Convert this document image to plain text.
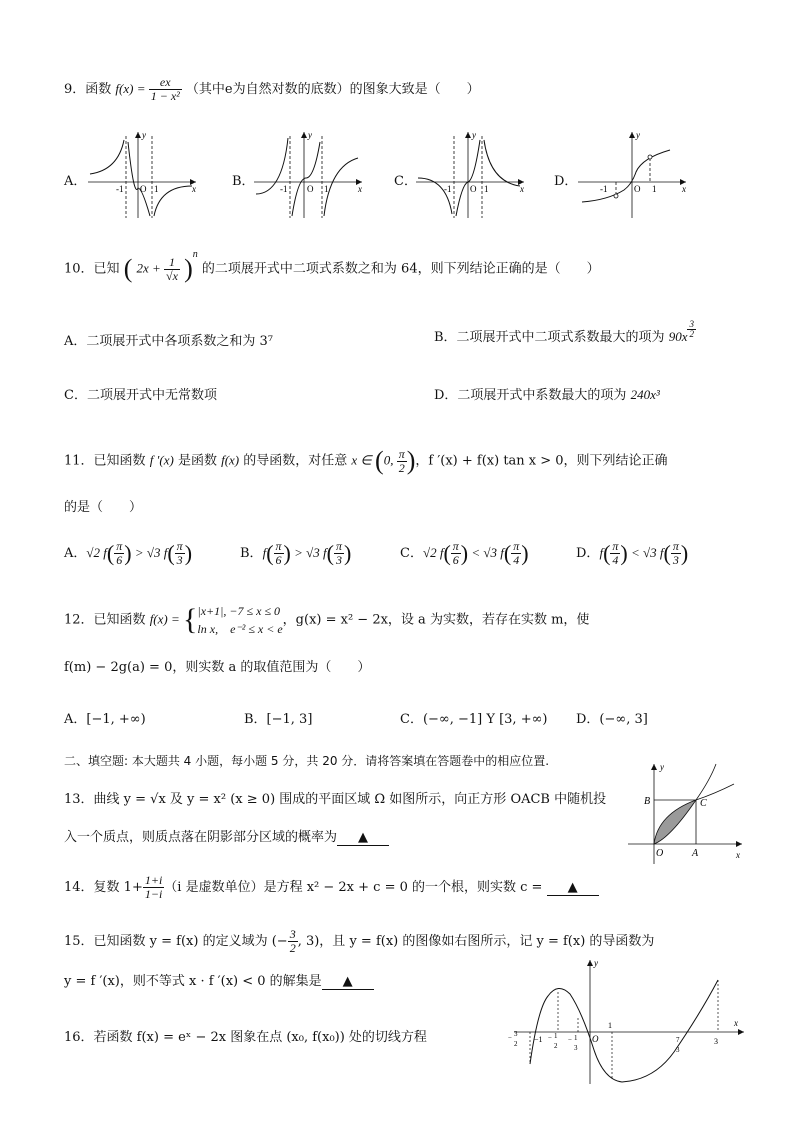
9．函数 $f(x) = \frac{ex}{\text{1 − x²}}$ （其中e为自然对数的底数）的图象大致是（　　）
A．	B．	C．	D．
-1 O 1	x
y
-1 O 1	x
y
-1 O 1	x
y
-1	O 1	x
y
10．已知 ( $2x + \frac{1}{√x} )^n$ 的二项展开式中二项式系数之和为 64，则下列结论正确的是（　　）
A．二项展开式中各项系数之和为 3⁷	B．二项展开式中二项式系数最大的项为 $90x \frac{3}{2}$
C．二项展开式中无常数项	D．二项展开式中系数最大的项为 240x³
11．已知函数 f ′(x) 是函数 f(x) 的导函数，对任意 x ∈ (0, $\frac{\pi}{2}$ )，f ′(x) + f(x) tan x > 0，则下列结论正确
的是（　　）
A．√2 $f( \frac{\pi}{6}$ ) > √3 $f( \frac{\pi}{3}$ )	B．$f( \frac{\pi}{6}$ ) > √3 $f( \frac{\pi}{3}$ )	C．√2 $f( \frac{\pi}{6}$ ) < √3 $f( \frac{\pi}{4}$ )	D．$f( \frac{\pi}{4}$ ) < √3 $f( \frac{\pi}{3}$ )
12．已知函数 f(x) = { |x+1|, −7 ≤ x ≤ 0
ln x,　e⁻² ≤ x < e
，g(x) = x² − 2x，设 a 为实数，若存在实数 m，使
f(m) − 2g(a) = 0，则实数 a 的取值范围为（　　）
A．[−1, +∞)	B．[−1, 3]	C．(−∞, −1] Y [3, +∞) D．(−∞, 3]
二、填空题: 本大题共 4 小题，每小题 5 分，共 20 分．请将答案填在答题卷中的相应位置.
13．曲线 y = √x 及 y = x² (x ≥ 0) 围成的平面区域 Ω 如图所示，向正方形 OACB 中随机投
入一个质点，则质点落在阴影部分区域的概率为 ▲
y
x
B	C
O	A
14．复数 $1+ \frac{1+i}{1-i} (i$ 是虚数单位）是方程 x² − 2x + c = 0 的一个根，则实数 c = ▲
15．已知函数 y = f(x) 的定义域为 (− $\frac{3}{2}$ , 3)，且 y = f(x) 的图像如右图所示，记 y = f(x) 的导函数为
y = f ′(x)，则不等式 x · f ′(x) < 0 的解集是 ▲
y
x
O
1
−1	3
− 3
2
− 1
2
− 1
3
7
3
16．若函数 f(x) = eˣ − 2x 图象在点 (x₀, f(x₀)) 处的切线方程
